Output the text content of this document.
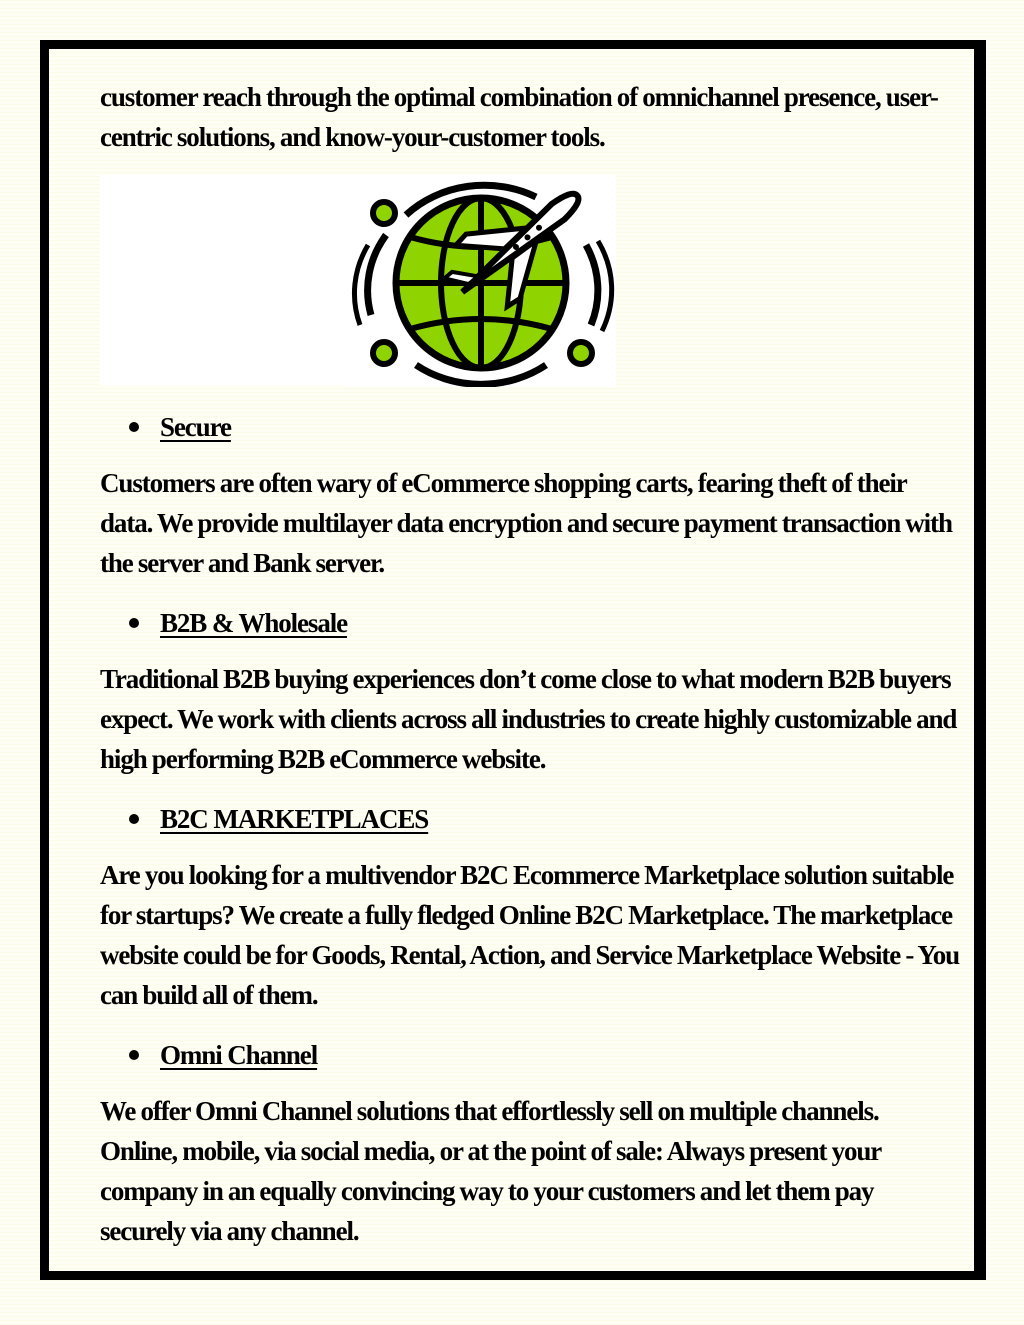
customer reach through the optimal combination of omnichannel presence, user-centric solutions, and know-your-customer tools.

Secure

Customers are often wary of eCommerce shopping carts, fearing theft of their data. We provide multilayer data encryption and secure payment transaction with the server and Bank server.

B2B & Wholesale

Traditional B2B buying experiences don’t come close to what modern B2B buyers expect. We work with clients across all industries to create highly customizable and high performing B2B eCommerce website.

B2C MARKETPLACES

Are you looking for a multivendor B2C Ecommerce Marketplace solution suitable for startups? We create a fully fledged Online B2C Marketplace. The marketplace website could be for Goods, Rental, Action, and Service Marketplace Website - You can build all of them.

Omni Channel

We offer Omni Channel solutions that effortlessly sell on multiple channels. Online, mobile, via social media, or at the point of sale: Always present your company in an equally convincing way to your customers and let them pay securely via any channel.
